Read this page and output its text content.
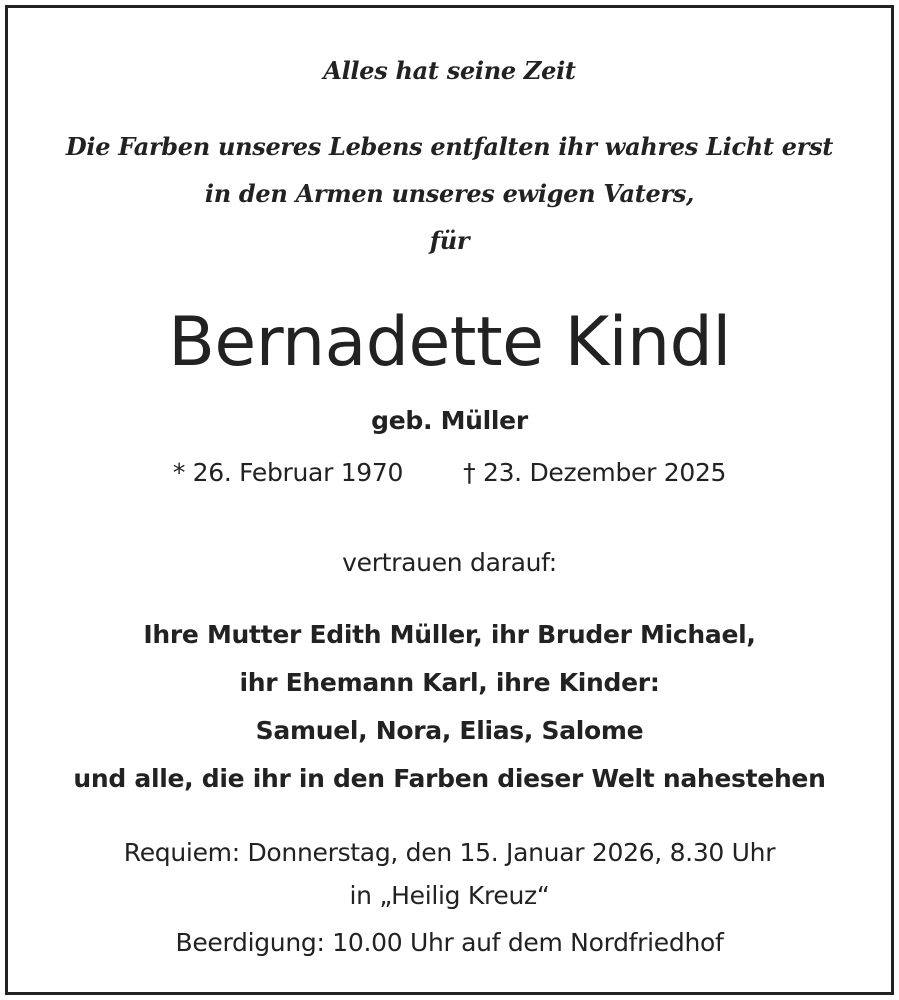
Alles hat seine Zeit
Die Farben unseres Lebens entfalten ihr wahres Licht erst
in den Armen unseres ewigen Vaters,
für
Bernadette Kindl
geb. Müller
* 26. Februar 1970 † 23. Dezember 2025
vertrauen darauf:
Ihre Mutter Edith Müller, ihr Bruder Michael,
ihr Ehemann Karl, ihre Kinder:
Samuel, Nora, Elias, Salome
und alle, die ihr in den Farben dieser Welt nahestehen
Requiem: Donnerstag, den 15. Januar 2026, 8.30 Uhr
in „Heilig Kreuz“
Beerdigung: 10.00 Uhr auf dem Nordfriedhof
